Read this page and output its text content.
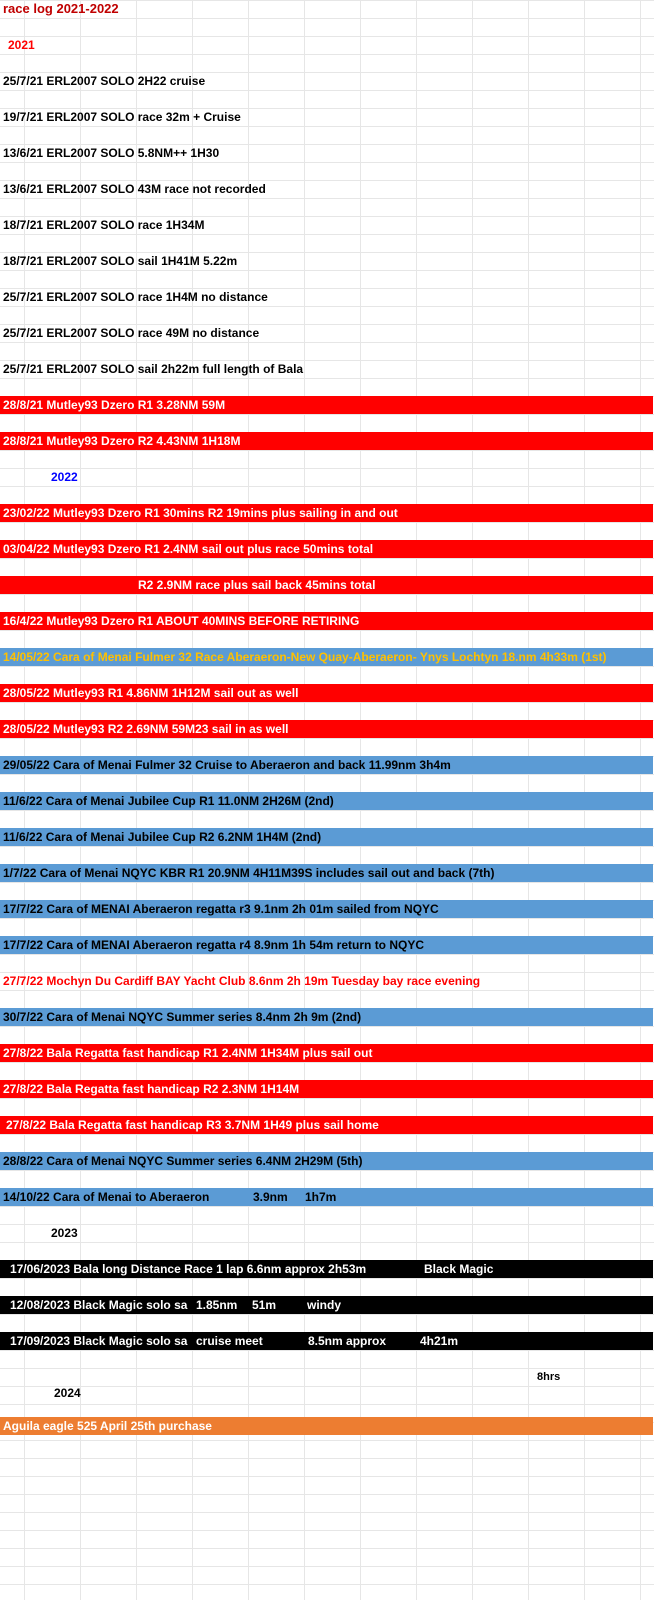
race log 2021-2022
2021
25/7/21 ERL2007 SOLO 2H22 cruise
19/7/21 ERL2007 SOLO race 32m + Cruise
13/6/21 ERL2007 SOLO 5.8NM++ 1H30
13/6/21 ERL2007 SOLO 43M race not recorded
18/7/21 ERL2007 SOLO race 1H34M
18/7/21 ERL2007 SOLO sail 1H41M 5.22m
25/7/21 ERL2007 SOLO race 1H4M no distance
25/7/21 ERL2007 SOLO race 49M no distance
25/7/21 ERL2007 SOLO sail 2h22m full length of Bala
28/8/21 Mutley93 Dzero R1 3.28NM 59M
28/8/21 Mutley93 Dzero R2 4.43NM 1H18M
2022
23/02/22 Mutley93 Dzero R1 30mins R2 19mins plus sailing in and out
03/04/22 Mutley93 Dzero R1 2.4NM sail out plus race 50mins total
R2 2.9NM race plus sail back 45mins total
16/4/22 Mutley93 Dzero R1 ABOUT 40MINS BEFORE RETIRING
14/05/22 Cara of Menai Fulmer 32 Race Aberaeron-New Quay-Aberaeron- Ynys Lochtyn 18.nm 4h33m (1st)
28/05/22 Mutley93 R1 4.86NM 1H12M sail out as well
28/05/22 Mutley93 R2 2.69NM 59M23 sail in as well
29/05/22 Cara of Menai Fulmer 32 Cruise to Aberaeron and back 11.99nm 3h4m
11/6/22 Cara of Menai Jubilee Cup R1 11.0NM 2H26M (2nd)
11/6/22 Cara of Menai Jubilee Cup R2 6.2NM 1H4M (2nd)
1/7/22 Cara of Menai NQYC KBR R1 20.9NM 4H11M39S includes sail out and back (7th)
17/7/22 Cara of MENAI Aberaeron regatta r3 9.1nm 2h 01m sailed from NQYC
17/7/22 Cara of MENAI Aberaeron regatta r4 8.9nm 1h 54m return to NQYC
27/7/22 Mochyn Du Cardiff BAY Yacht Club 8.6nm 2h 19m Tuesday bay race evening
30/7/22 Cara of Menai NQYC Summer series 8.4nm 2h 9m (2nd)
27/8/22 Bala Regatta fast handicap R1 2.4NM 1H34M plus sail out
27/8/22 Bala Regatta fast handicap R2 2.3NM 1H14M
27/8/22 Bala Regatta fast handicap R3 3.7NM 1H49 plus sail home
28/8/22 Cara of Menai NQYC Summer series 6.4NM 2H29M (5th)
14/10/22 Cara of Menai to Aberaeron	3.9nm 1h7m
2023
17/06/2023 Bala long Distance Race 1 lap 6.6nm approx 2h53m	Black Magic
12/08/2023 Black Magic solo sa 1.85nm 51m	windy
17/09/2023 Black Magic solo sa cruise meet	8.5nm approx	4h21m
8hrs
2024
Aguila eagle 525 April 25th purchase
